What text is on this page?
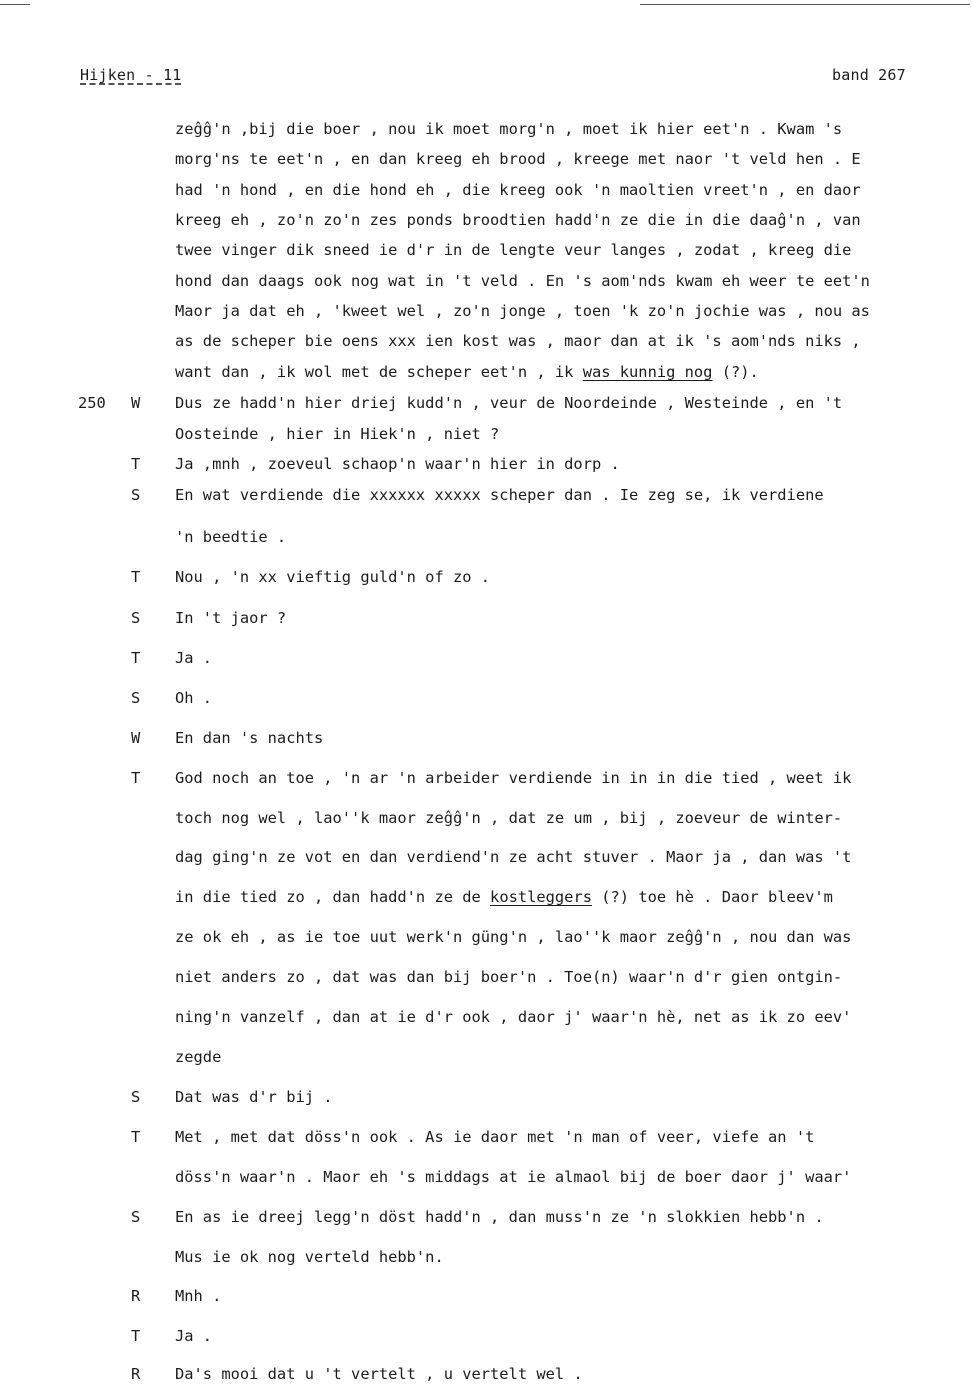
Hijken - 11	band 267
zeĝĝ'n ,bij die boer , nou ik moet morg'n , moet ik hier eet'n . Kwam 's
morg'ns te eet'n , en dan kreeg eh brood , kreege met naor 't veld hen . E
had 'n hond , en die hond eh , die kreeg ook 'n maoltien vreet'n , en daor
kreeg eh , zo'n zo'n zes ponds broodtien hadd'n ze die in die daaĝ'n , van
twee vinger dik sneed ie d'r in de lengte veur langes , zodat , kreeg die
hond dan daags ook nog wat in 't veld . En 's aom'nds kwam eh weer te eet'n
Maor ja dat eh , 'kweet wel , zo'n jonge , toen 'k zo'n jochie was , nou as
as de scheper bie oens xxx ien kost was , maor dan at ik 's aom'nds niks ,
want dan , ik wol met de scheper eet'n , ik was kunnig nog (?).
250 W Dus ze hadd'n hier driej kudd'n , veur de Noordeinde , Westeinde , en 't
Oosteinde , hier in Hiek'n , niet ?
T Ja ,mnh , zoeveul schaop'n waar'n hier in dorp .
S En wat verdiende die xxxxxx xxxxx scheper dan . Ie zeg se, ik verdiene
'n beedtie .
T Nou , 'n xx vieftig guld'n of zo .
S In 't jaor ?
T Ja .
S Oh .
W En dan 's nachts
T God noch an toe , 'n ar 'n arbeider verdiende in in in die tied , weet ik
toch nog wel , lao''k maor zeĝĝ'n , dat ze um , bij , zoeveur de winter-
dag ging'n ze vot en dan verdiend'n ze acht stuver . Maor ja , dan was 't
in die tied zo , dan hadd'n ze de kostleggers (?) toe hè . Daor bleev'm
ze ok eh , as ie toe uut werk'n güng'n , lao''k maor zeĝĝ'n , nou dan was
niet anders zo , dat was dan bij boer'n . Toe(n) waar'n d'r gien ontgin-
ning'n vanzelf , dan at ie d'r ook , daor j' waar'n hè, net as ik zo eev'
zegde
S Dat was d'r bij .
T Met , met dat döss'n ook . As ie daor met 'n man of veer, viefe an 't
döss'n waar'n . Maor eh 's middags at ie almaol bij de boer daor j' waar'
S En as ie dreej legg'n döst hadd'n , dan muss'n ze 'n slokkien hebb'n .
Mus ie ok nog verteld hebb'n.
R Mnh .
T Ja .
R Da's mooi dat u 't vertelt , u vertelt wel .
